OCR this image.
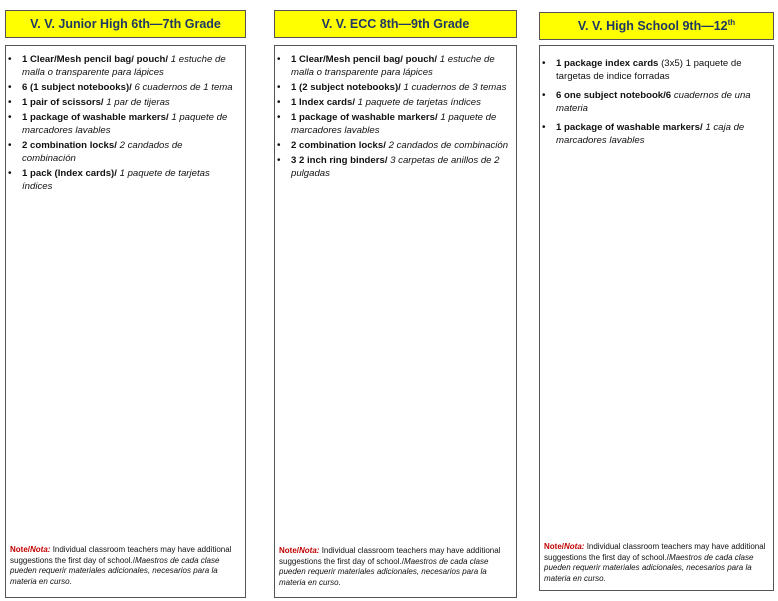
V. V. Junior High 6th—7th Grade
• 1 Clear/Mesh pencil bag/ pouch/ 1 estuche de malla o transparente para lápices
• 6 (1 subject notebooks)/ 6 cuadernos de 1 tema
• 1 pair of scissors/ 1 par de tijeras
• 1 package of washable markers/ 1 paquete de marcadores lavables
• 2 combination locks/ 2 candados de combinación
• 1 pack (Index cards)/ 1 paquete de tarjetas índices
Note/Nota: Individual classroom teachers may have additional suggestions the first day of school./Maestros de cada clase pueden requerir materiales adicionales, necesarios para la materia en curso.
V. V. ECC 8th—9th Grade
• 1 Clear/Mesh pencil bag/ pouch/ 1 estuche de malla o transparente para lápices
• 1 (2 subject notebooks)/ 1 cuadernos de 3 temas
• 1 Index cards/ 1 paquete de tarjetas índices
• 1 package of washable markers/ 1 paquete de marcadores lavables
• 2 combination locks/ 2 candados de combinación
• 3 2 inch ring binders/ 3 carpetas de anillos de 2 pulgadas
Note/Nota: Individual classroom teachers may have additional suggestions the first day of school./Maestros de cada clase pueden requerir materiales adicionales, necesarios para la materia en curso.
V. V. High School 9th—12th
• 1 package index cards (3x5) 1 paquete de targetas de indice forradas
• 6 one subject notebook/6 cuadernos de una materia
• 1 package of washable markers/ 1 caja de marcadores lavables
Note/Nota: Individual classroom teachers may have additional suggestions the first day of school./Maestros de cada clase pueden requerir materiales adicionales, necesarios para la materia en curso.
